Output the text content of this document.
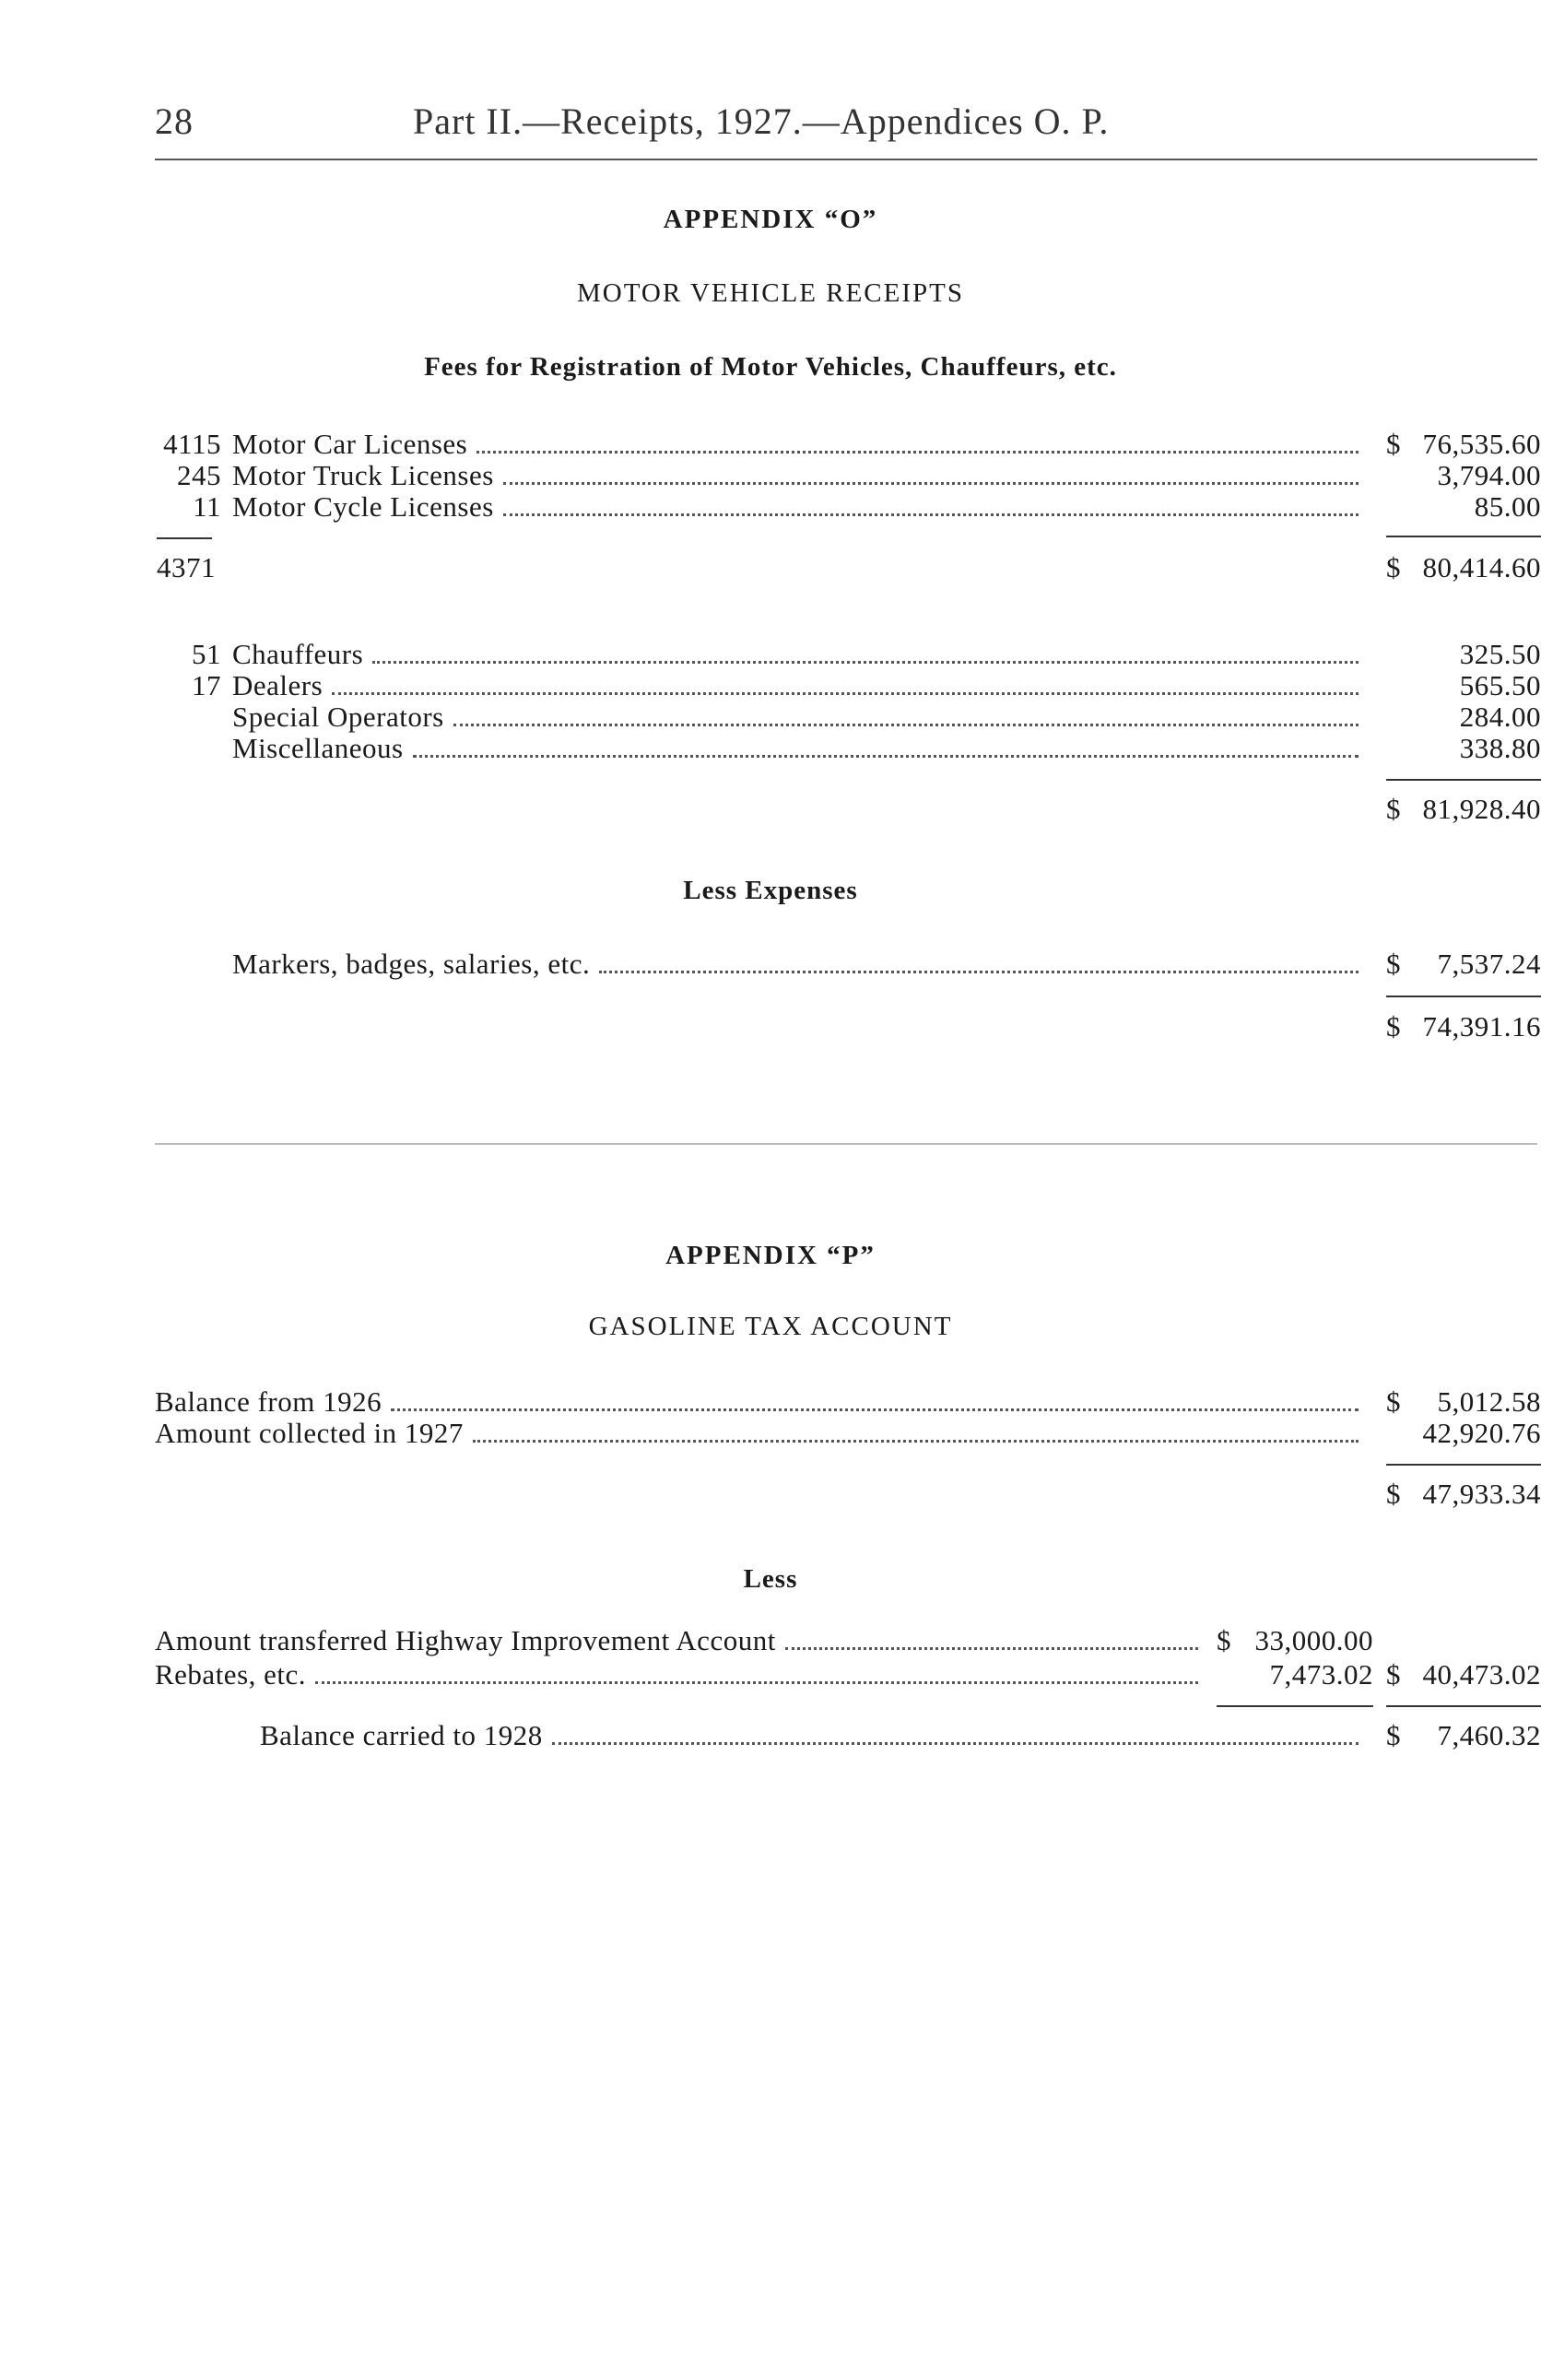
28	Part II.—Receipts, 1927.—Appendices O. P.
APPENDIX “O”
MOTOR VEHICLE RECEIPTS
Fees for Registration of Motor Vehicles, Chauffeurs, etc.
4115 Motor Car Licenses	$ 76,535.60
245 Motor Truck Licenses	3,794.00
11 Motor Cycle Licenses	85.00
4371	$ 80,414.60
51 Chauffeurs	325.50
17 Dealers	565.50
Special Operators	284.00
Miscellaneous	338.80
$ 81,928.40
Less Expenses
Markers, badges, salaries, etc.	$ 7,537.24
$ 74,391.16
APPENDIX “P”
GASOLINE TAX ACCOUNT
Balance from 1926	$ 5,012.58
Amount collected in 1927	42,920.76
$ 47,933.34
Less
Amount transferred Highway Improvement Account	$ 33,000.00
Rebates, etc.	7,473.02 $ 40,473.02
Balance carried to 1928	$ 7,460.32
